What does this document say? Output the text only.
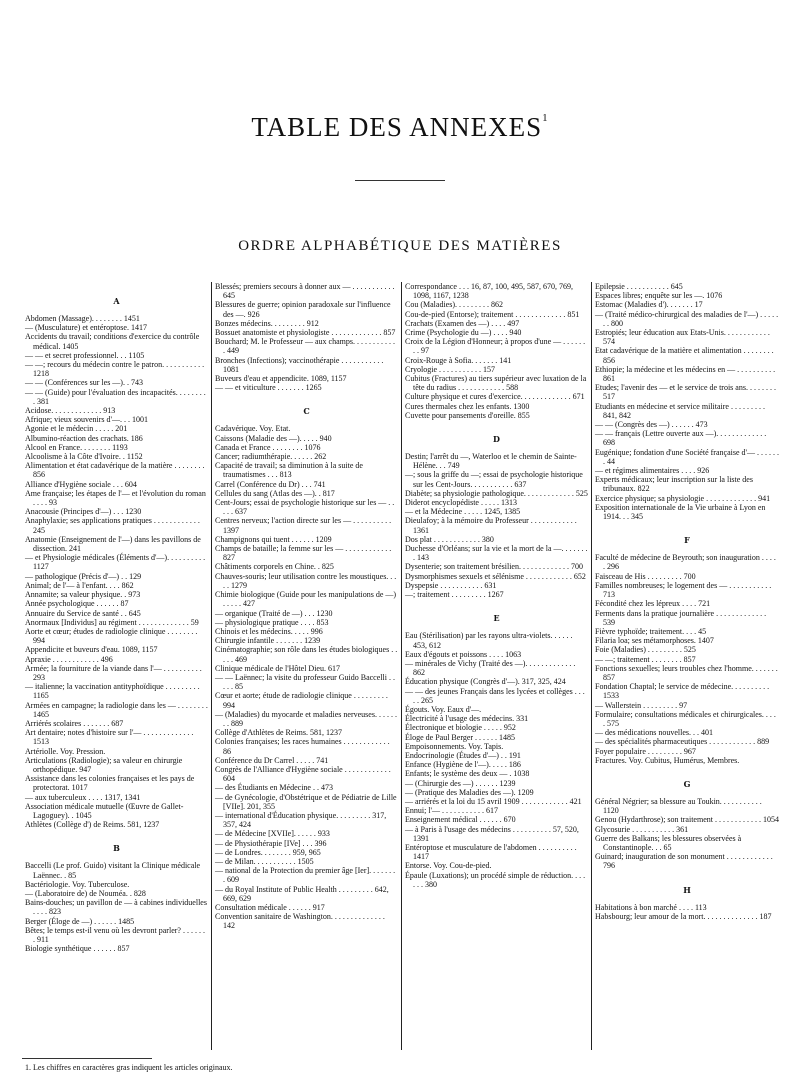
TABLE DES ANNEXES$^1$
ORDRE ALPHABÉTIQUE DES MATIÈRES
A

Abdomen (Massage). . . . . . . . 1451

— (Musculature) et entéroptose. 1417

Accidents du travail; conditions d'exercice du contrôle médical. 1405

— — et secret professionnel. . . 1105

— —; recours du médecin contre le patron. . . . . . . . . . . 1218

— — (Conférences sur les —). . 743

— — (Guide) pour l'évaluation des incapacités. . . . . . . . . 381

Acidose. . . . . . . . . . . . . 913

Afrique; vieux souvenirs d'—. . . 1001

Agonie et le médecin . . . . . 201

Albumino-réaction des crachats. 186

Alcool en France. . . . . . . . 1193

Alcoolisme à la Côte d'Ivoire. . 1152

Alimentation et état cadavérique de la matière . . . . . . . . 856

Alliance d'Hygiène sociale . . . 604

Ame française; les étapes de l'— et l'évolution du roman . . . . 93

Anacousie (Principes d'—) . . . 1230

Anaphylaxie; ses applications pratiques . . . . . . . . . . . . 245

Anatomie (Enseignement de l'—) dans les pavillons de dissection. 241

— et Physiologie médicales (Éléments d'—). . . . . . . . . . 1127

— pathologique (Précis d'—) . . 129

Animal; de l'— à l'enfant. . . . 862

Annamite; sa valeur physique. . 973

Année psychologique . . . . . . 87

Annuaire du Service de santé . . 645

Anormaux [Individus] au régiment . . . . . . . . . . . . . 59

Aorte et cœur; études de radiologie clinique . . . . . . . . 994

Appendicite et buveurs d'eau. 1089, 1157

Apraxie . . . . . . . . . . . . 496

Armée; la fourniture de la viande dans l'— . . . . . . . . . . 293

— italienne; la vaccination antityphoïdique . . . . . . . . . 1165

Armées en campagne; la radiologie dans les — . . . . . . . . 1465

Arriérés scolaires . . . . . . . 687

Art dentaire; notes d'histoire sur l'— . . . . . . . . . . . . . 1513

Artériolle. Voy. Pression.

Articulations (Radiologie); sa valeur en chirurgie orthopédique. 947

Assistance dans les colonies françaises et les pays de protectorat. 1017

— aux tuberculeux . . . . 1317, 1341

Association médicale mutuelle (Œuvre de Gallet-Lagoguey). . 1045

Athlètes (Collège d') de Reims. 581, 1237

B

Baccelli (Le prof. Guido) visitant la Clinique médicale Laënnec. . 85

Bactériologie. Voy. Tuberculose.

— (Laboratoire de) de Nouméa. . 828

Bains-douches; un pavillon de — à cabines individuelles . . . . 823

Berger (Éloge de —) . . . . . . 1485

Bêtes; le temps est-il venu où les devront parler? . . . . . . . 911

Biologie synthétique . . . . . . 857

Blessés; premiers secours à donner aux — . . . . . . . . . . . 645

Blessures de guerre; opinion paradoxale sur l'influence des —. 926

Bonzes médecins. . . . . . . . . 912

Bossuet anatomiste et physiologiste . . . . . . . . . . . . . 857

Bouchard; M. le Professeur — aux champs. . . . . . . . . . . . 449

Bronches (Infections); vaccinothérapie . . . . . . . . . . . 1081

Buveurs d'eau et appendicite. 1089, 1157

— — et viticulture . . . . . . . 1265

C

Cadavérique. Voy. Etat.

Caissons (Maladie des —). . . . . 940

Canada et France . . . . . . . . 1076

Cancer; radiumthérapie. . . . . . 262

Capacité de travail; sa diminution à la suite de traumatismes . . . 813

Carrel (Conférence du Dr) . . . 741

Cellules du sang (Atlas des —). . 817

Cent-Jours; essai de psychologie historique sur les — . . . . . 637

Centres nerveux; l'action directe sur les — . . . . . . . . . . 1397

Champignons qui tuent . . . . . . 1209

Champs de bataille; la femme sur les — . . . . . . . . . . . . 827

Châtiments corporels en Chine. . 825

Chauves-souris; leur utilisation contre les moustiques. . . . . 1279

Chimie biologique (Guide pour les manipulations de —) . . . . . 427

— organique (Traité de —) . . . 1230

— physiologique pratique . . . . 853

Chinois et les médecins. . . . . 996

Chirurgie infantile . . . . . . . 1239

Cinématographie; son rôle dans les études biologiques . . . . . 469

Clinique médicale de l'Hôtel Dieu. 617

— — Laënnec; la visite du professeur Guido Baccelli . . . . . 85

Cœur et aorte; étude de radiologie clinique . . . . . . . . . 994

— (Maladies) du myocarde et maladies nerveuses. . . . . . . . 889

Collège d'Athlètes de Reims. 581, 1237

Colonies françaises; les races humaines . . . . . . . . . . . . 86

Conférence du Dr Carrel . . . . . 741

Congrès de l'Alliance d'Hygiène sociale . . . . . . . . . . . . 604

— des Étudiants en Médecine . . 473

— de Gynécologie, d'Obstétrique et de Pédiatrie de Lille [VIIe]. 201, 355

— international d'Éducation physique. . . . . . . . . 317, 357, 424

— de Médecine [XVIIe]. . . . . . 933

— de Physiothérapie [IVe] . . . 396

— de Londres. . . . . . . . 959, 965

— de Milan. . . . . . . . . . . 1505

— national de la Protection du premier âge [Ier]. . . . . . . . 609

— du Royal Institute of Public Health . . . . . . . . . 642, 669, 629

Consultation médicale . . . . . . 917

Convention sanitaire de Washington. . . . . . . . . . . . . . 142

Correspondance . . . 16, 87, 100, 495, 587, 670, 769, 1098, 1167, 1238

Cou (Maladies). . . . . . . . . 862

Cou-de-pied (Entorse); traitement . . . . . . . . . . . . . 851

Crachats (Examen des —) . . . . 497

Crime (Psychologie du —) . . . . 940

Croix de la Légion d'Honneur; à propos d'une — . . . . . . . . 97

Croix-Rouge à Sofia. . . . . . . 141

Cryologie . . . . . . . . . . . 157

Cubitus (Fractures) au tiers supérieur avec luxation de la tête du radius . . . . . . . . . . . . 588

Culture physique et cures d'exercice. . . . . . . . . . . . . 671

Cures thermales chez les enfants. 1300

Cuvette pour pansements d'oreille. 855

D

Destin; l'arrêt du —, Waterloo et le chemin de Sainte-Hélène. . . 749

—; sous la griffe du —; essai de psychologie historique sur les Cent-Jours. . . . . . . . . . . 637

Diabète; sa physiologie pathologique. . . . . . . . . . . . . 525

Diderot encyclopédiste . . . . . 1313

— et la Médecine . . . . . 1245, 1385

Dieulafoy; à la mémoire du Professeur . . . . . . . . . . . . 1361

Dos plat . . . . . . . . . . . . 380

Duchesse d'Orléans; sur la vie et la mort de la —. . . . . . . . 143

Dysenterie; son traitement brésilien. . . . . . . . . . . . . 700

Dysmorphismes sexuels et sélénisme . . . . . . . . . . . . 652

Dyspepsie . . . . . . . . . . . 631

—; traitement . . . . . . . . . 1267

E

Eau (Stérilisation) par les rayons ultra-violets. . . . . . 453, 612

Eaux d'égouts et poissons . . . . 1063

— minérales de Vichy (Traité des —). . . . . . . . . . . . . 862

Éducation physique (Congrès d'—). 317, 325, 424

— — des jeunes Français dans les lycées et collèges . . . . . 265

Égouts. Voy. Eaux d'—.

Électricité à l'usage des médecins. 331

Électronique et biologie . . . . . 952

Éloge de Paul Berger . . . . . . 1485

Empoisonnements. Voy. Tapis.

Endocrinologie (Études d'—) . . 191

Enfance (Hygiène de l'—). . . . . 186

Enfants; le système des deux — . 1038

— (Chirurgie des —) . . . . . . 1239

— (Pratique des Maladies des —). 1209

— arriérés et la loi du 15 avril 1909 . . . . . . . . . . . . 421

Ennui; l'— . . . . . . . . . . . 617

Enseignement médical . . . . . . 670

— à Paris à l'usage des médecins . . . . . . . . . . 57, 520, 1391

Entéroptose et musculature de l'abdomen . . . . . . . . . . 1417

Entorse. Voy. Cou-de-pied.

Épaule (Luxations); un procédé simple de réduction. . . . . . . 380

Epilepsie . . . . . . . . . . . 645

Espaces libres; enquête sur les —. 1076

Estomac (Maladies d'). . . . . . . 17

— (Traité médico-chirurgical des maladies de l'—) . . . . . . . 800

Estropiés; leur éducation aux Etats-Unis. . . . . . . . . . . . 574

Etat cadavérique de la matière et alimentation . . . . . . . . 856

Ethiopie; la médecine et les médecins en — . . . . . . . . . . 861

Etudes; l'avenir des — et le service de trois ans. . . . . . . . 517

Etudiants en médecine et service militaire . . . . . . . . . 841, 842

— — (Congrès des —) . . . . . . 473

— — français (Lettre ouverte aux —). . . . . . . . . . . . . 698

Eugénique; fondation d'une Société française d'— . . . . . . . 44

— et régimes alimentaires . . . . 926

Experts médicaux; leur inscription sur la liste des tribunaux. 822

Exercice physique; sa physiologie . . . . . . . . . . . . . 941

Exposition internationale de la Vie urbaine à Lyon en 1914. . . 345

F

Faculté de médecine de Beyrouth; son inauguration . . . . . 296

Faisceau de His . . . . . . . . . 700

Familles nombreuses; le logement des — . . . . . . . . . . . 713

Fécondité chez les lépreux . . . . 721

Ferments dans la pratique journalière . . . . . . . . . . . . . 539

Fièvre typhoïde; traitement. . . . 45

Filaria loa; ses métamorphoses. 1407

Foie (Maladies) . . . . . . . . . 525

— —; traitement . . . . . . . . 857

Fonctions sexuelles; leurs troubles chez l'homme. . . . . . . 857

Fondation Chaptal; le service de médecine. . . . . . . . . . 1533

— Wallerstein . . . . . . . . . 97

Formulaire; consultations médicales et chirurgicales. . . . . 575

— des médications nouvelles. . . 401

— des spécialités pharmaceutiques . . . . . . . . . . . . 889

Foyer populaire . . . . . . . . . 967

Fractures. Voy. Cubitus, Humérus, Membres.

G

Général Négrier; sa blessure au Toukin. . . . . . . . . . . 1120

Genou (Hydarthrose); son traitement . . . . . . . . . . . . 1054

Glycosurie . . . . . . . . . . . 361

Guerre des Balkans; les blessures observées à Constantinople. . . 65

Guinard; inauguration de son monument . . . . . . . . . . . . 796

H

Habitations à bon marché . . . . 113

Habsbourg; leur amour de la mort. . . . . . . . . . . . . . 187

1. Les chiffres en caractères gras indiquent les articles originaux.
